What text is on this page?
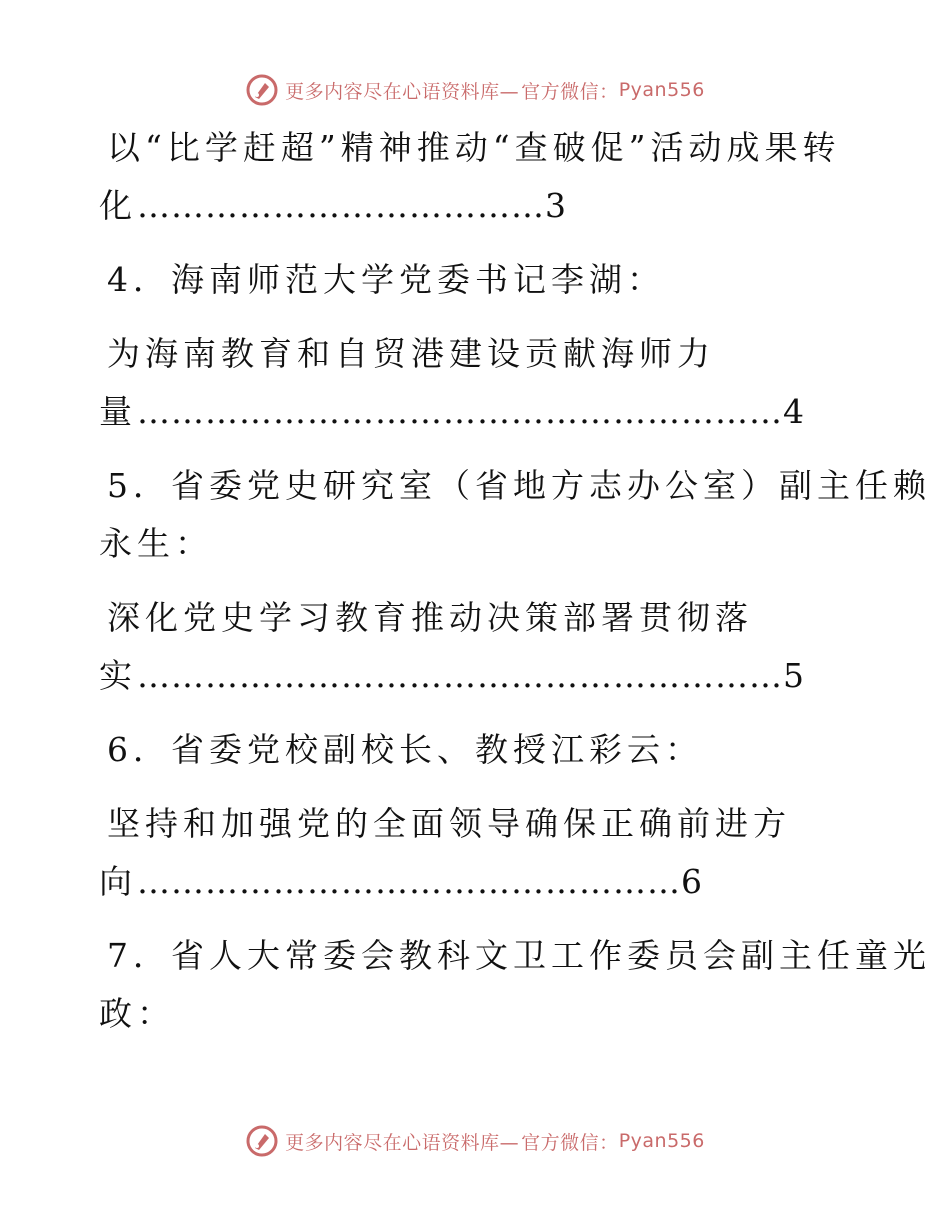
更多内容尽在心语资料库— 官方微信： Pyan556
以“比学赶超”精神推动“查破促”活动成果转
化………………………………3
4．海南师范大学党委书记李湖：
为海南教育和自贸港建设贡献海师力
量…………………………………………………4
5．省委党史研究室（省地方志办公室）副主任赖
永生：
深化党史学习教育推动决策部署贯彻落
实…………………………………………………5
6．省委党校副校长、教授江彩云：
坚持和加强党的全面领导确保正确前进方
向…………………………………………6
7．省人大常委会教科文卫工作委员会副主任童光
政：
更多内容尽在心语资料库— 官方微信： Pyan556
